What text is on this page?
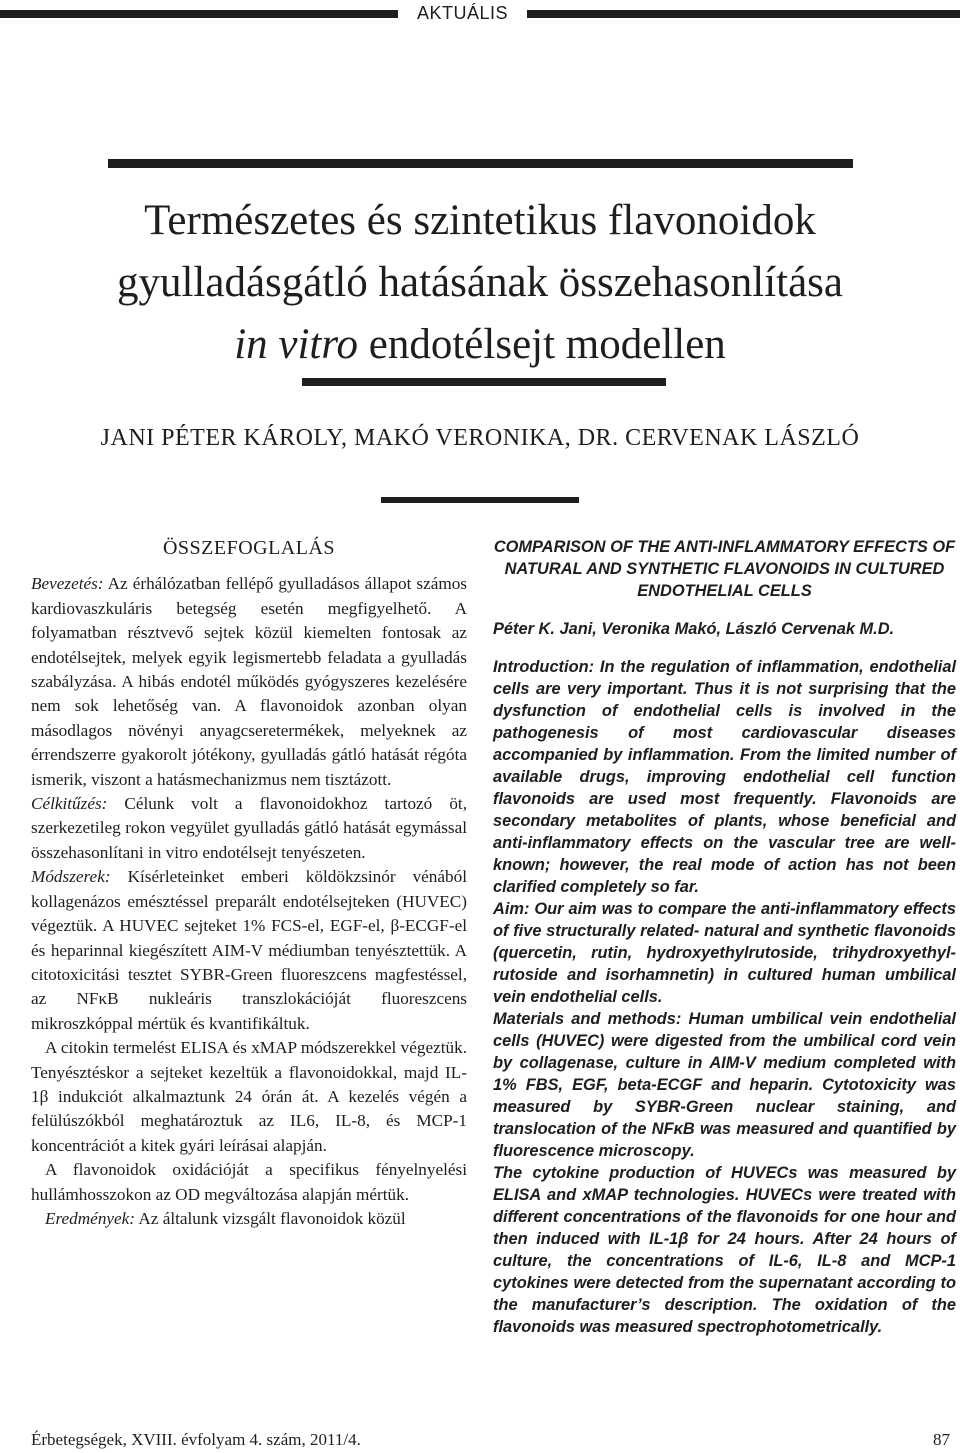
AKTUÁLIS
Természetes és szintetikus flavonoidok
gyulladásgátló hatásának összehasonlítása
in vitro endotélsejt modellen
JANI PÉTER KÁROLY, MAKÓ VERONIKA, DR. CERVENAK LÁSZLÓ

ÖSSZEFOGLALÁS

Bevezetés: Az érhálózatban fellépő gyulladásos állapot számos kardiovaszkuláris betegség esetén megfigyelhető. A folyamatban résztvevő sejtek közül kiemelten fontosak az endotélsejtek, melyek egyik legismertebb feladata a gyulladás szabályzása. A hibás endotél működés gyógyszeres kezelésére nem sok lehetőség van. A flavonoidok azonban olyan másodlagos növényi anyagcseretermékek, melyeknek az érrendszerre gyakorolt jótékony, gyulladás gátló hatását régóta ismerik, viszont a hatásmechanizmus nem tisztázott.

Célkitűzés: Célunk volt a flavonoidokhoz tartozó öt, szerkezetileg rokon vegyület gyulladás gátló hatását egymással összehasonlítani in vitro endotélsejt tenyészeten.

Módszerek: Kísérleteinket emberi köldökzsinór vénából kollagenázos emésztéssel preparált endotélsejteken (HUVEC) végeztük. A HUVEC sejteket 1% FCS-el, EGF-el, β-ECGF-el és heparinnal kiegészített AIM-V médiumban tenyésztettük. A citotoxicitási tesztet SYBR-Green fluoreszcens magfestéssel, az NFκB nukleáris transzlokációját fluoreszcens mikroszkóppal mértük és kvantifikáltuk.

A citokin termelést ELISA és xMAP módszerekkel végeztük. Tenyésztéskor a sejteket kezeltük a flavonoidokkal, majd IL-1β indukciót alkalmaztunk 24 órán át. A kezelés végén a felülúszókból meghatároztuk az IL6, IL-8, és MCP-1 koncentrációt a kitek gyári leírásai alapján.

A flavonoidok oxidációját a specifikus fényelnyelési hullámhosszokon az OD megváltozása alapján mértük.

Eredmények: Az általunk vizsgált flavonoidok közül

COMPARISON OF THE ANTI-INFLAMMATORY EFFECTS OF NATURAL AND SYNTHETIC FLAVONOIDS IN CULTURED ENDOTHELIAL CELLS

Péter K. Jani, Veronika Makó, László Cervenak M.D.

Introduction: In the regulation of inflammation, endothelial cells are very important. Thus it is not surprising that the dysfunction of endothelial cells is involved in the pathogenesis of most cardiovascular diseases accompanied by inflammation. From the limited number of available drugs, improving endothelial cell function flavonoids are used most frequently. Flavonoids are secondary metabolites of plants, whose beneficial and anti-inflammatory effects on the vascular tree are well-known; however, the real mode of action has not been clarified completely so far.

Aim: Our aim was to compare the anti-inflammatory effects of five structurally related- natural and synthetic flavonoids (quercetin, rutin, hydroxyethylrutoside, trihydroxyethyl-rutoside and isorhamnetin) in cultured human umbilical vein endothelial cells.

Materials and methods: Human umbilical vein endothelial cells (HUVEC) were digested from the umbilical cord vein by collagenase, culture in AIM-V medium completed with 1% FBS, EGF, beta-ECGF and heparin. Cytotoxicity was measured by SYBR-Green nuclear staining, and translocation of the NFκB was measured and quantified by fluorescence microscopy.

The cytokine production of HUVECs was measured by ELISA and xMAP technologies. HUVECs were treated with different concentrations of the flavonoids for one hour and then induced with IL-1β for 24 hours. After 24 hours of culture, the concentrations of IL-6, IL-8 and MCP-1 cytokines were detected from the supernatant according to the manufacturer’s description. The oxidation of the flavonoids was measured spectrophotometrically.

Érbetegségek, XVIII. évfolyam 4. szám, 2011/4.	87
